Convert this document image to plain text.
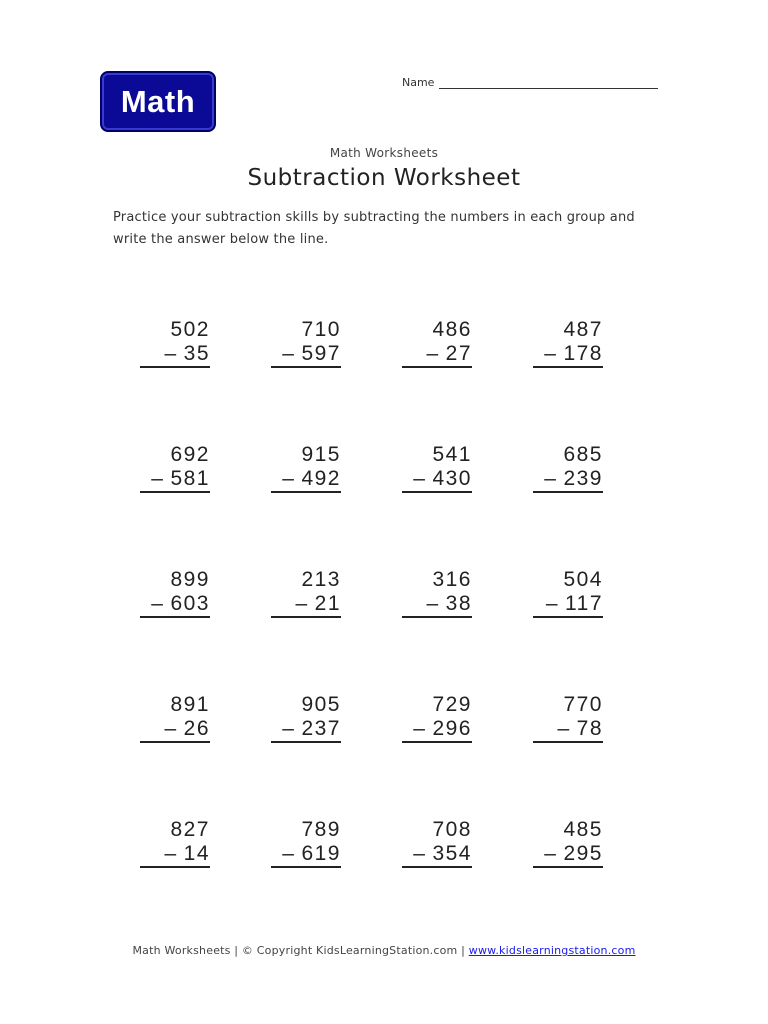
Math
Name
Math Worksheets
Subtraction Worksheet
Practice your subtraction skills by subtracting the numbers in each group and write the answer below the line.
502
– 35
710
– 597
486
– 27
487
– 178
692
– 581
915
– 492
541
– 430
685
– 239
899
– 603
213
– 21
316
– 38
504
– 117
891
– 26
905
– 237
729
– 296
770
– 78
827
– 14
789
– 619
708
– 354
485
– 295
Math Worksheets | © Copyright KidsLearningStation.com | www.kidslearningstation.com
